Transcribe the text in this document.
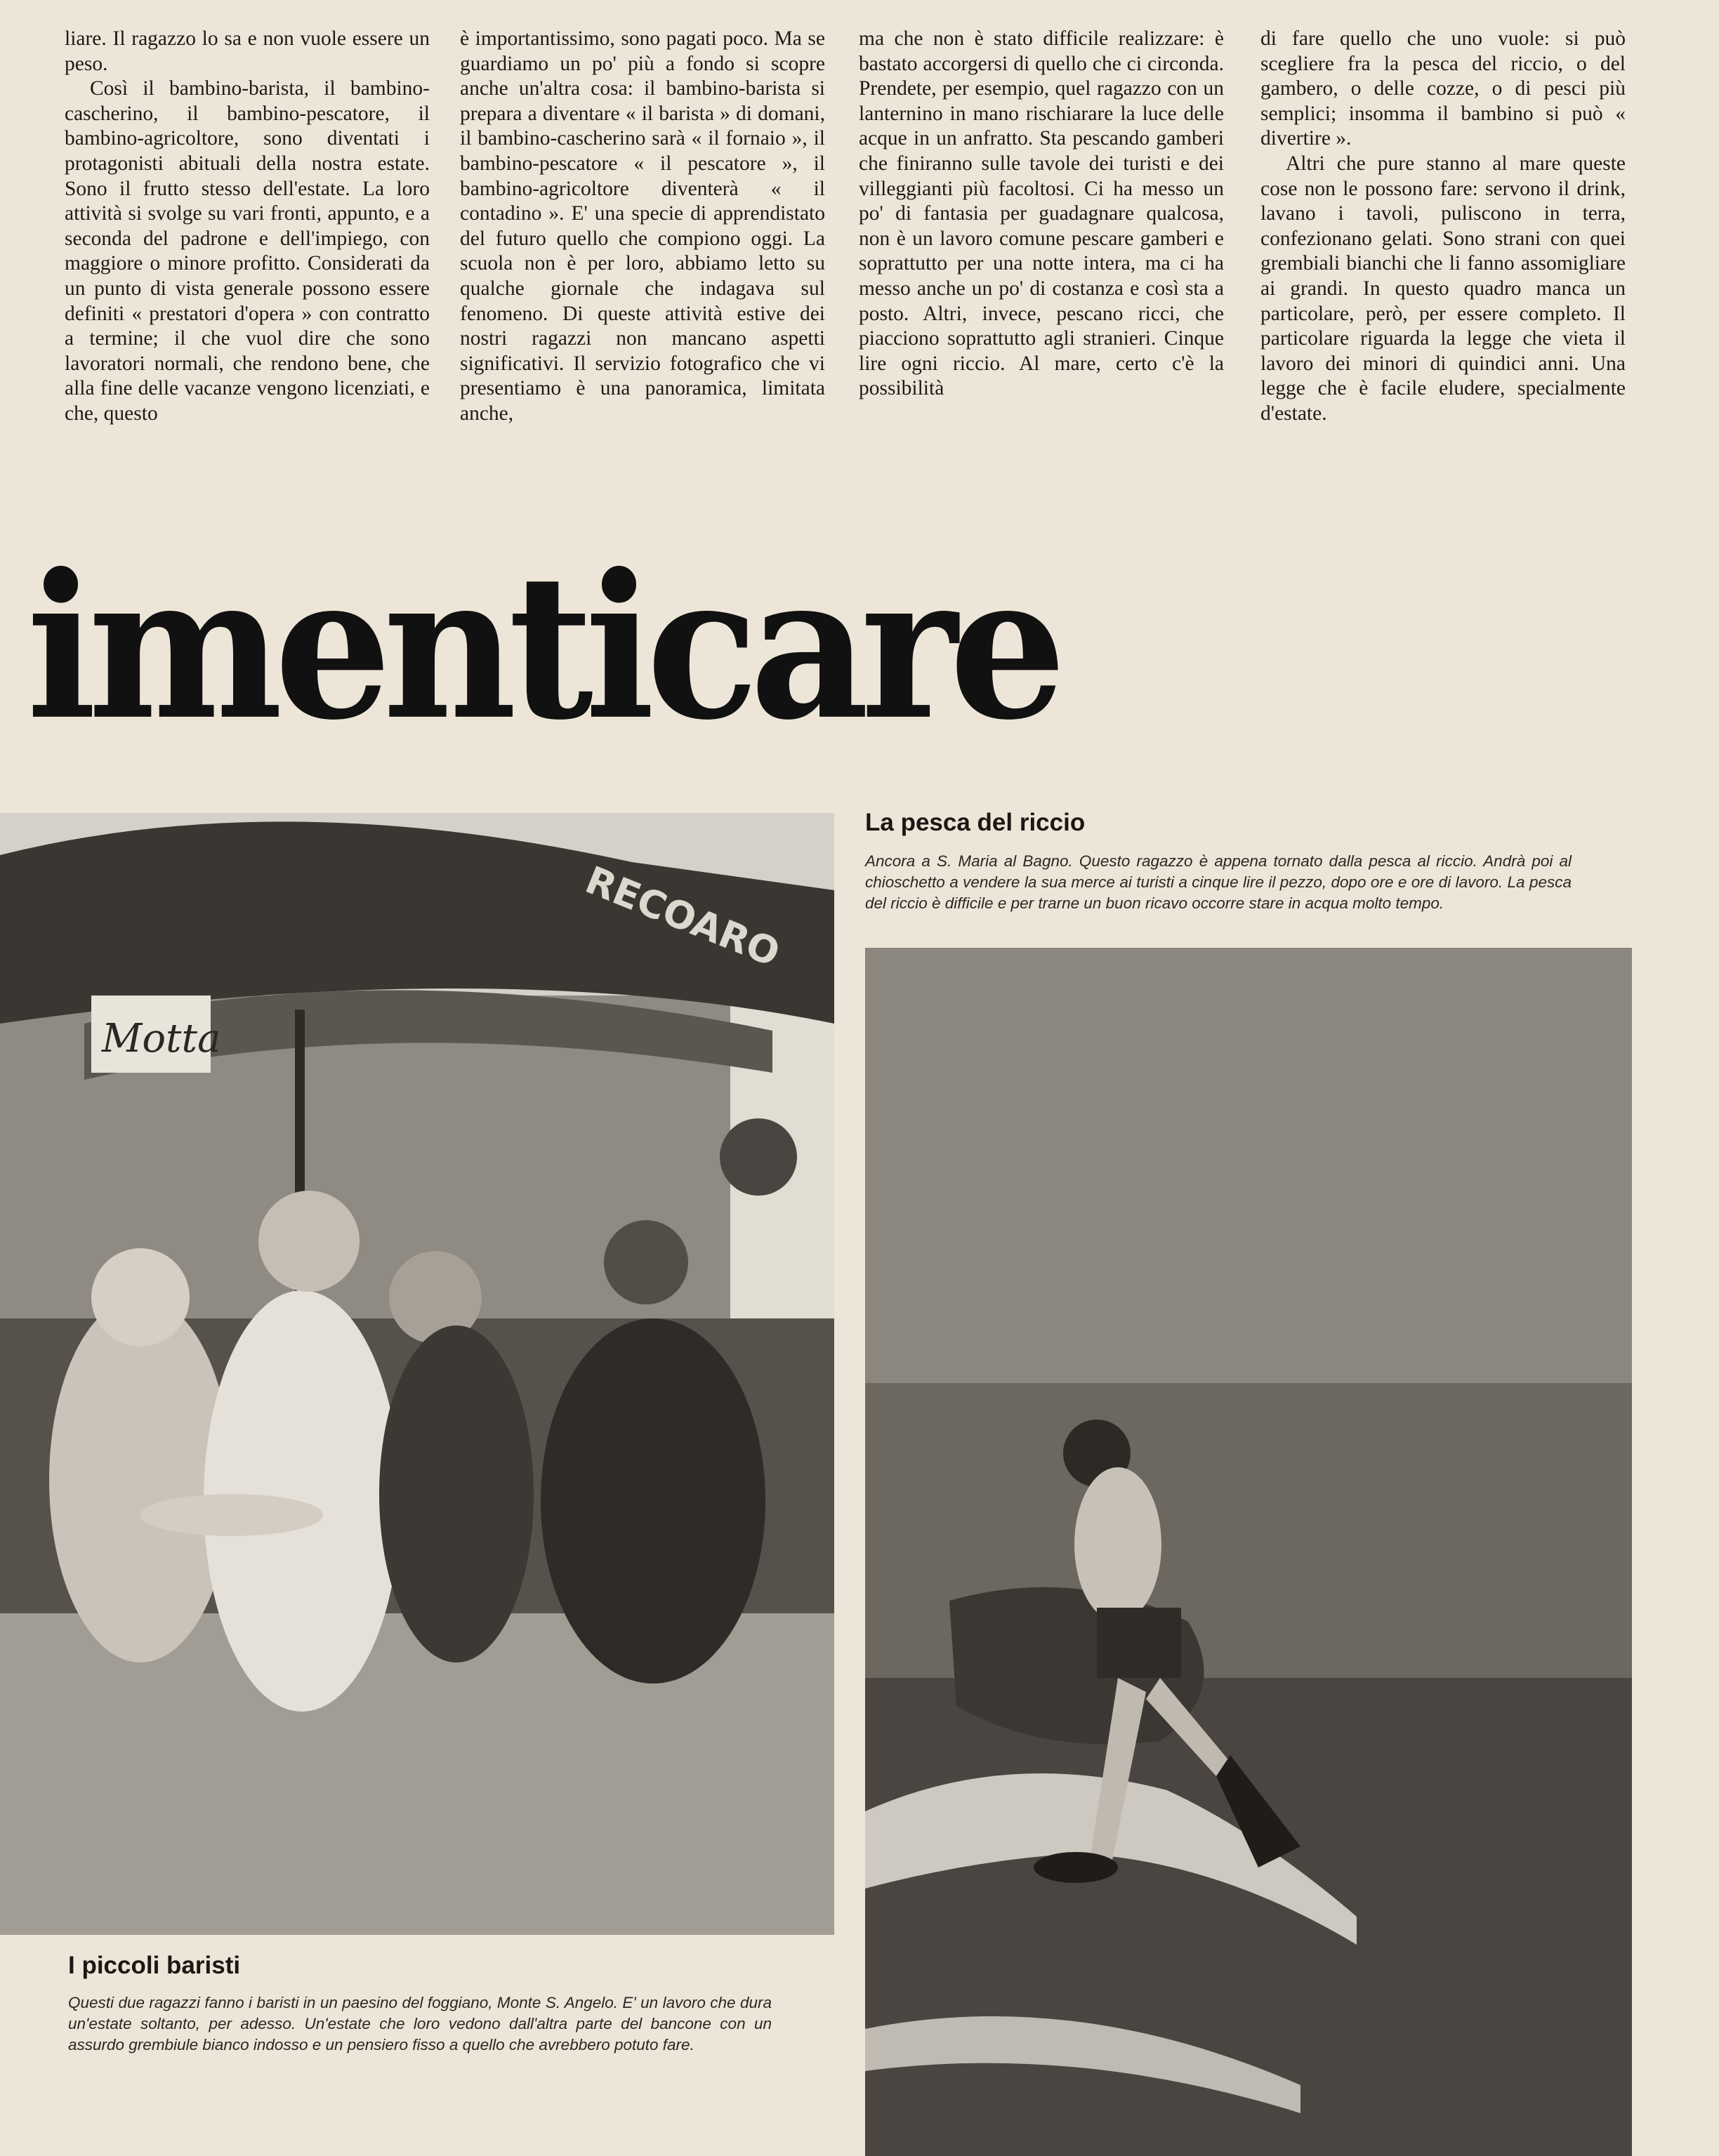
liare. Il ragazzo lo sa e non vuole essere un peso.

Così il bambino-barista, il bambino-cascherino, il bambino-pescatore, il bambino-agricoltore, sono diventati i protagonisti abituali della nostra estate. Sono il frutto stesso dell'estate. La loro attività si svolge su vari fronti, appunto, e a seconda del padrone e dell'impiego, con maggiore o minore profitto. Considerati da un punto di vista generale possono essere definiti « prestatori d'opera » con contratto a termine; il che vuol dire che sono lavoratori normali, che rendono bene, che alla fine delle vacanze vengono licenziati, e che, questo

è importantissimo, sono pagati poco. Ma se guardiamo un po' più a fondo si scopre anche un'altra cosa: il bambino-barista si prepara a diventare « il barista » di domani, il bambino-cascherino sarà « il fornaio », il bambino-pescatore « il pescatore », il bambino-agricoltore diventerà « il contadino ». E' una specie di apprendistato del futuro quello che compiono oggi. La scuola non è per loro, abbiamo letto su qualche giornale che indagava sul fenomeno. Di queste attività estive dei nostri ragazzi non mancano aspetti significativi. Il servizio fotografico che vi presentiamo è una panoramica, limitata anche,

ma che non è stato difficile realizzare: è bastato accorgersi di quello che ci circonda. Prendete, per esempio, quel ragazzo con un lanternino in mano rischiarare la luce delle acque in un anfratto. Sta pescando gamberi che finiranno sulle tavole dei turisti e dei villeggianti più facoltosi. Ci ha messo un po' di fantasia per guadagnare qualcosa, non è un lavoro comune pescare gamberi e soprattutto per una notte intera, ma ci ha messo anche un po' di costanza e così sta a posto. Altri, invece, pescano ricci, che piacciono soprattutto agli stranieri. Cinque lire ogni riccio. Al mare, certo c'è la possibilità

di fare quello che uno vuole: si può scegliere fra la pesca del riccio, o del gambero, o delle cozze, o di pesci più semplici; insomma il bambino si può « divertire ».

Altri che pure stanno al mare queste cose non le possono fare: servono il drink, lavano i tavoli, puliscono in terra, confezionano gelati. Sono strani con quei grembiali bianchi che li fanno assomigliare ai grandi. In questo quadro manca un particolare, però, per essere completo. Il particolare riguarda la legge che vieta il lavoro dei minori di quindici anni. Una legge che è facile eludere, specialmente d'estate.

imenticare
Motta
RECOARO
La pesca del riccio
Ancora a S. Maria al Bagno. Questo ragazzo è appena tornato dalla pesca al riccio. Andrà poi al chioschetto a vendere la sua merce ai turisti a cinque lire il pezzo, dopo ore e ore di lavoro. La pesca del riccio è difficile e per trarne un buon ricavo occorre stare in acqua molto tempo.
I piccoli baristi
Questi due ragazzi fanno i baristi in un paesino del foggiano, Monte S. Angelo. E' un lavoro che dura un'estate soltanto, per adesso. Un'estate che loro vedono dall'altra parte del bancone con un assurdo grembiule bianco indosso e un pensiero fisso a quello che avrebbero potuto fare.
